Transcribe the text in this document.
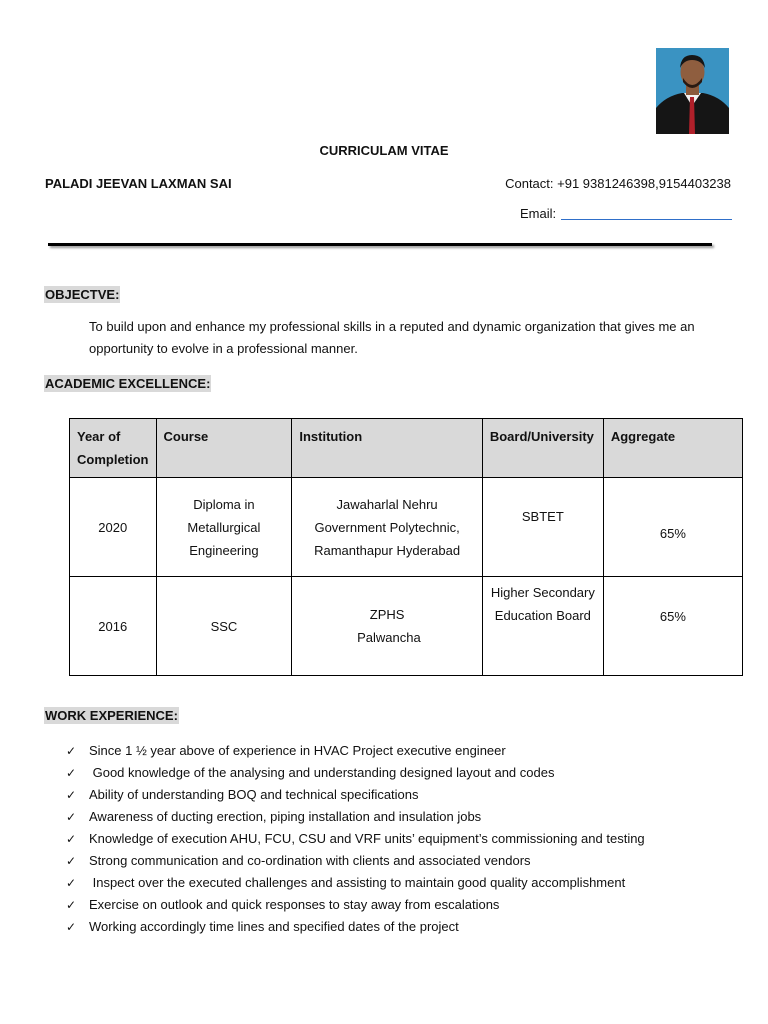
CURRICULAM VITAE
PALADI JEEVAN LAXMAN SAI	Contact: +91 9381246398,9154403238
Email:
OBJECTVE:
To build upon and enhance my professional skills in a reputed and dynamic organization that gives me an opportunity to evolve in a professional manner.
ACADEMIC EXCELLENCE:
Year of Completion	Course	Institution	Board/University	Aggregate
2020	Diploma in Metallurgical Engineering	Jawaharlal Nehru Government Polytechnic, Ramanthapur Hyderabad	SBTET	65%
2016	SSC	ZPHS Palwancha	Higher Secondary Education Board	65%
WORK EXPERIENCE:
✓ Since 1 ½ year above of experience in HVAC Project executive engineer
✓ Good knowledge of the analysing and understanding designed layout and codes
✓ Ability of understanding BOQ and technical specifications
✓ Awareness of ducting erection, piping installation and insulation jobs
✓ Knowledge of execution AHU, FCU, CSU and VRF units’ equipment’s commissioning and testing
✓ Strong communication and co-ordination with clients and associated vendors
✓ Inspect over the executed challenges and assisting to maintain good quality accomplishment
✓ Exercise on outlook and quick responses to stay away from escalations
✓ Working accordingly time lines and specified dates of the project
